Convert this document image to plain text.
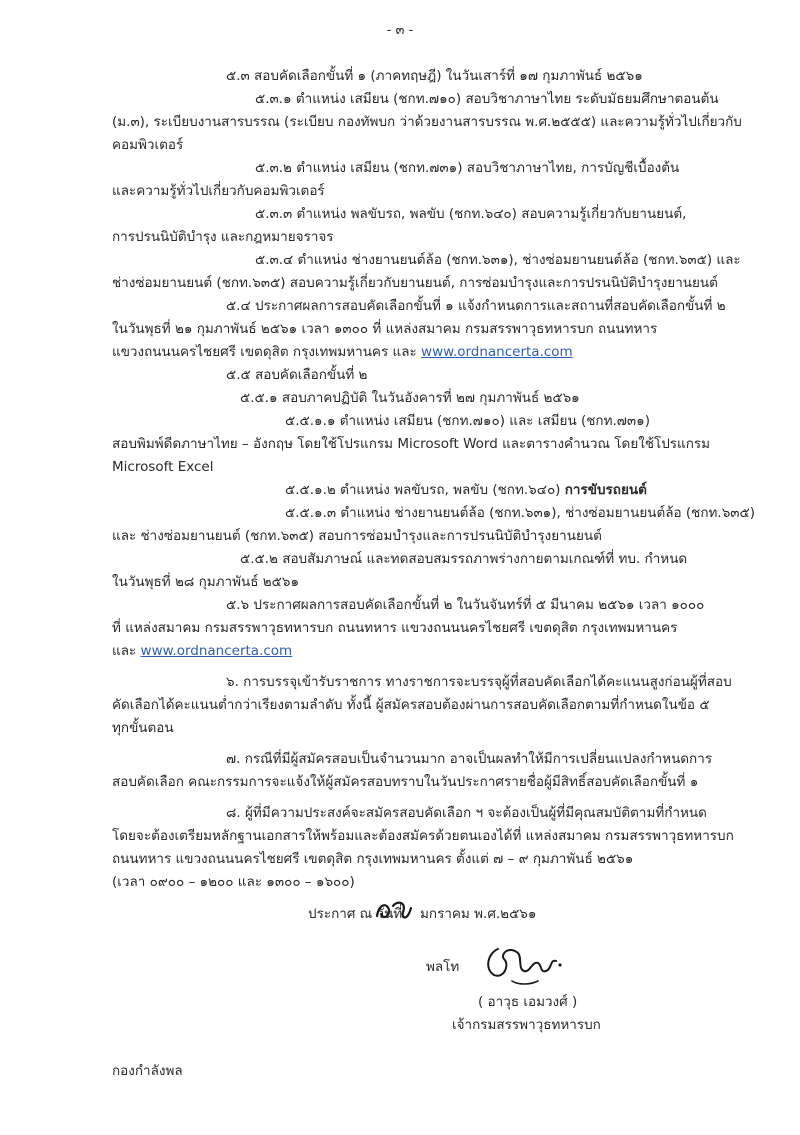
- ๓ -
๕.๓ สอบคัดเลือกขั้นที่ ๑ (ภาคทฤษฎี) ในวันเสาร์ที่ ๑๗ กุมภาพันธ์ ๒๕๖๑
๕.๓.๑ ตำแหน่ง เสมียน (ชกท.๗๑๐) สอบวิชาภาษาไทย ระดับมัธยมศึกษาตอนต้น
(ม.๓), ระเบียบงานสารบรรณ (ระเบียบ กองทัพบก ว่าด้วยงานสารบรรณ พ.ศ.๒๕๕๕) และความรู้ทั่วไปเกี่ยวกับ
คอมพิวเตอร์
๕.๓.๒ ตำแหน่ง เสมียน (ชกท.๗๓๑) สอบวิชาภาษาไทย, การบัญชีเบื้องต้น
และความรู้ทั่วไปเกี่ยวกับคอมพิวเตอร์
๕.๓.๓ ตำแหน่ง พลขับรถ, พลขับ (ชกท.๖๔๐) สอบความรู้เกี่ยวกับยานยนต์,
การปรนนิบัติบำรุง และกฎหมายจราจร
๕.๓.๔ ตำแหน่ง ช่างยานยนต์ล้อ (ชกท.๖๓๑), ช่างซ่อมยานยนต์ล้อ (ชกท.๖๓๕) และ
ช่างซ่อมยานยนต์ (ชกท.๖๓๕) สอบความรู้เกี่ยวกับยานยนต์, การซ่อมบำรุงและการปรนนิบัติบำรุงยานยนต์
๕.๔ ประกาศผลการสอบคัดเลือกขั้นที่ ๑ แจ้งกำหนดการและสถานที่สอบคัดเลือกขั้นที่ ๒
ในวันพุธที่ ๒๑ กุมภาพันธ์ ๒๕๖๑ เวลา ๑๓๐๐ ที่ แหล่งสมาคม กรมสรรพาวุธทหารบก ถนนทหาร
แขวงถนนนครไชยศรี เขตดุสิต กรุงเทพมหานคร และ www.ordnancerta.com
๕.๕ สอบคัดเลือกขั้นที่ ๒
๕.๕.๑ สอบภาคปฏิบัติ ในวันอังคารที่ ๒๗ กุมภาพันธ์ ๒๕๖๑
๕.๕.๑.๑ ตำแหน่ง เสมียน (ชกท.๗๑๐) และ เสมียน (ชกท.๗๓๑)
สอบพิมพ์ดีดภาษาไทย – อังกฤษ โดยใช้โปรแกรม Microsoft Word และตารางคำนวณ โดยใช้โปรแกรม
Microsoft Excel
๕.๕.๑.๒ ตำแหน่ง พลขับรถ, พลขับ (ชกท.๖๔๐) การขับรถยนต์
๕.๕.๑.๓ ตำแหน่ง ช่างยานยนต์ล้อ (ชกท.๖๓๑), ช่างซ่อมยานยนต์ล้อ (ชกท.๖๓๕)
และ ช่างซ่อมยานยนต์ (ชกท.๖๓๕) สอบการซ่อมบำรุงและการปรนนิบัติบำรุงยานยนต์
๕.๕.๒ สอบสัมภาษณ์ และทดสอบสมรรถภาพร่างกายตามเกณฑ์ที่ ทบ. กำหนด
ในวันพุธที่ ๒๘ กุมภาพันธ์ ๒๕๖๑
๕.๖ ประกาศผลการสอบคัดเลือกขั้นที่ ๒ ในวันจันทร์ที่ ๕ มีนาคม ๒๕๖๑ เวลา ๑๐๐๐
ที่ แหล่งสมาคม กรมสรรพาวุธทหารบก ถนนทหาร แขวงถนนนครไชยศรี เขตดุสิต กรุงเทพมหานคร
และ www.ordnancerta.com
๖. การบรรจุเข้ารับราชการ ทางราชการจะบรรจุผู้ที่สอบคัดเลือกได้คะแนนสูงก่อนผู้ที่สอบ
คัดเลือกได้คะแนนต่ำกว่าเรียงตามลำดับ ทั้งนี้ ผู้สมัครสอบต้องผ่านการสอบคัดเลือกตามที่กำหนดในข้อ ๕
ทุกขั้นตอน
๗. กรณีที่มีผู้สมัครสอบเป็นจำนวนมาก อาจเป็นผลทำให้มีการเปลี่ยนแปลงกำหนดการ
สอบคัดเลือก คณะกรรมการจะแจ้งให้ผู้สมัครสอบทราบในวันประกาศรายชื่อผู้มีสิทธิ์สอบคัดเลือกขั้นที่ ๑
๘. ผู้ที่มีความประสงค์จะสมัครสอบคัดเลือก ฯ จะต้องเป็นผู้ที่มีคุณสมบัติตามที่กำหนด
โดยจะต้องเตรียมหลักฐานเอกสารให้พร้อมและต้องสมัครด้วยตนเองได้ที่ แหล่งสมาคม กรมสรรพาวุธทหารบก
ถนนทหาร แขวงถนนนครไชยศรี เขตดุสิต กรุงเทพมหานคร ตั้งแต่ ๗ – ๙ กุมภาพันธ์ ๒๕๖๑
(เวลา ๐๙๐๐ – ๑๒๐๐ และ ๑๓๐๐ – ๑๖๐๐)
ประกาศ ณ วันที่ มกราคม พ.ศ.๒๕๖๑
พลโท
( อาวุธ เอมวงศ์ )
เจ้ากรมสรรพาวุธทหารบก
กองกำลังพล
